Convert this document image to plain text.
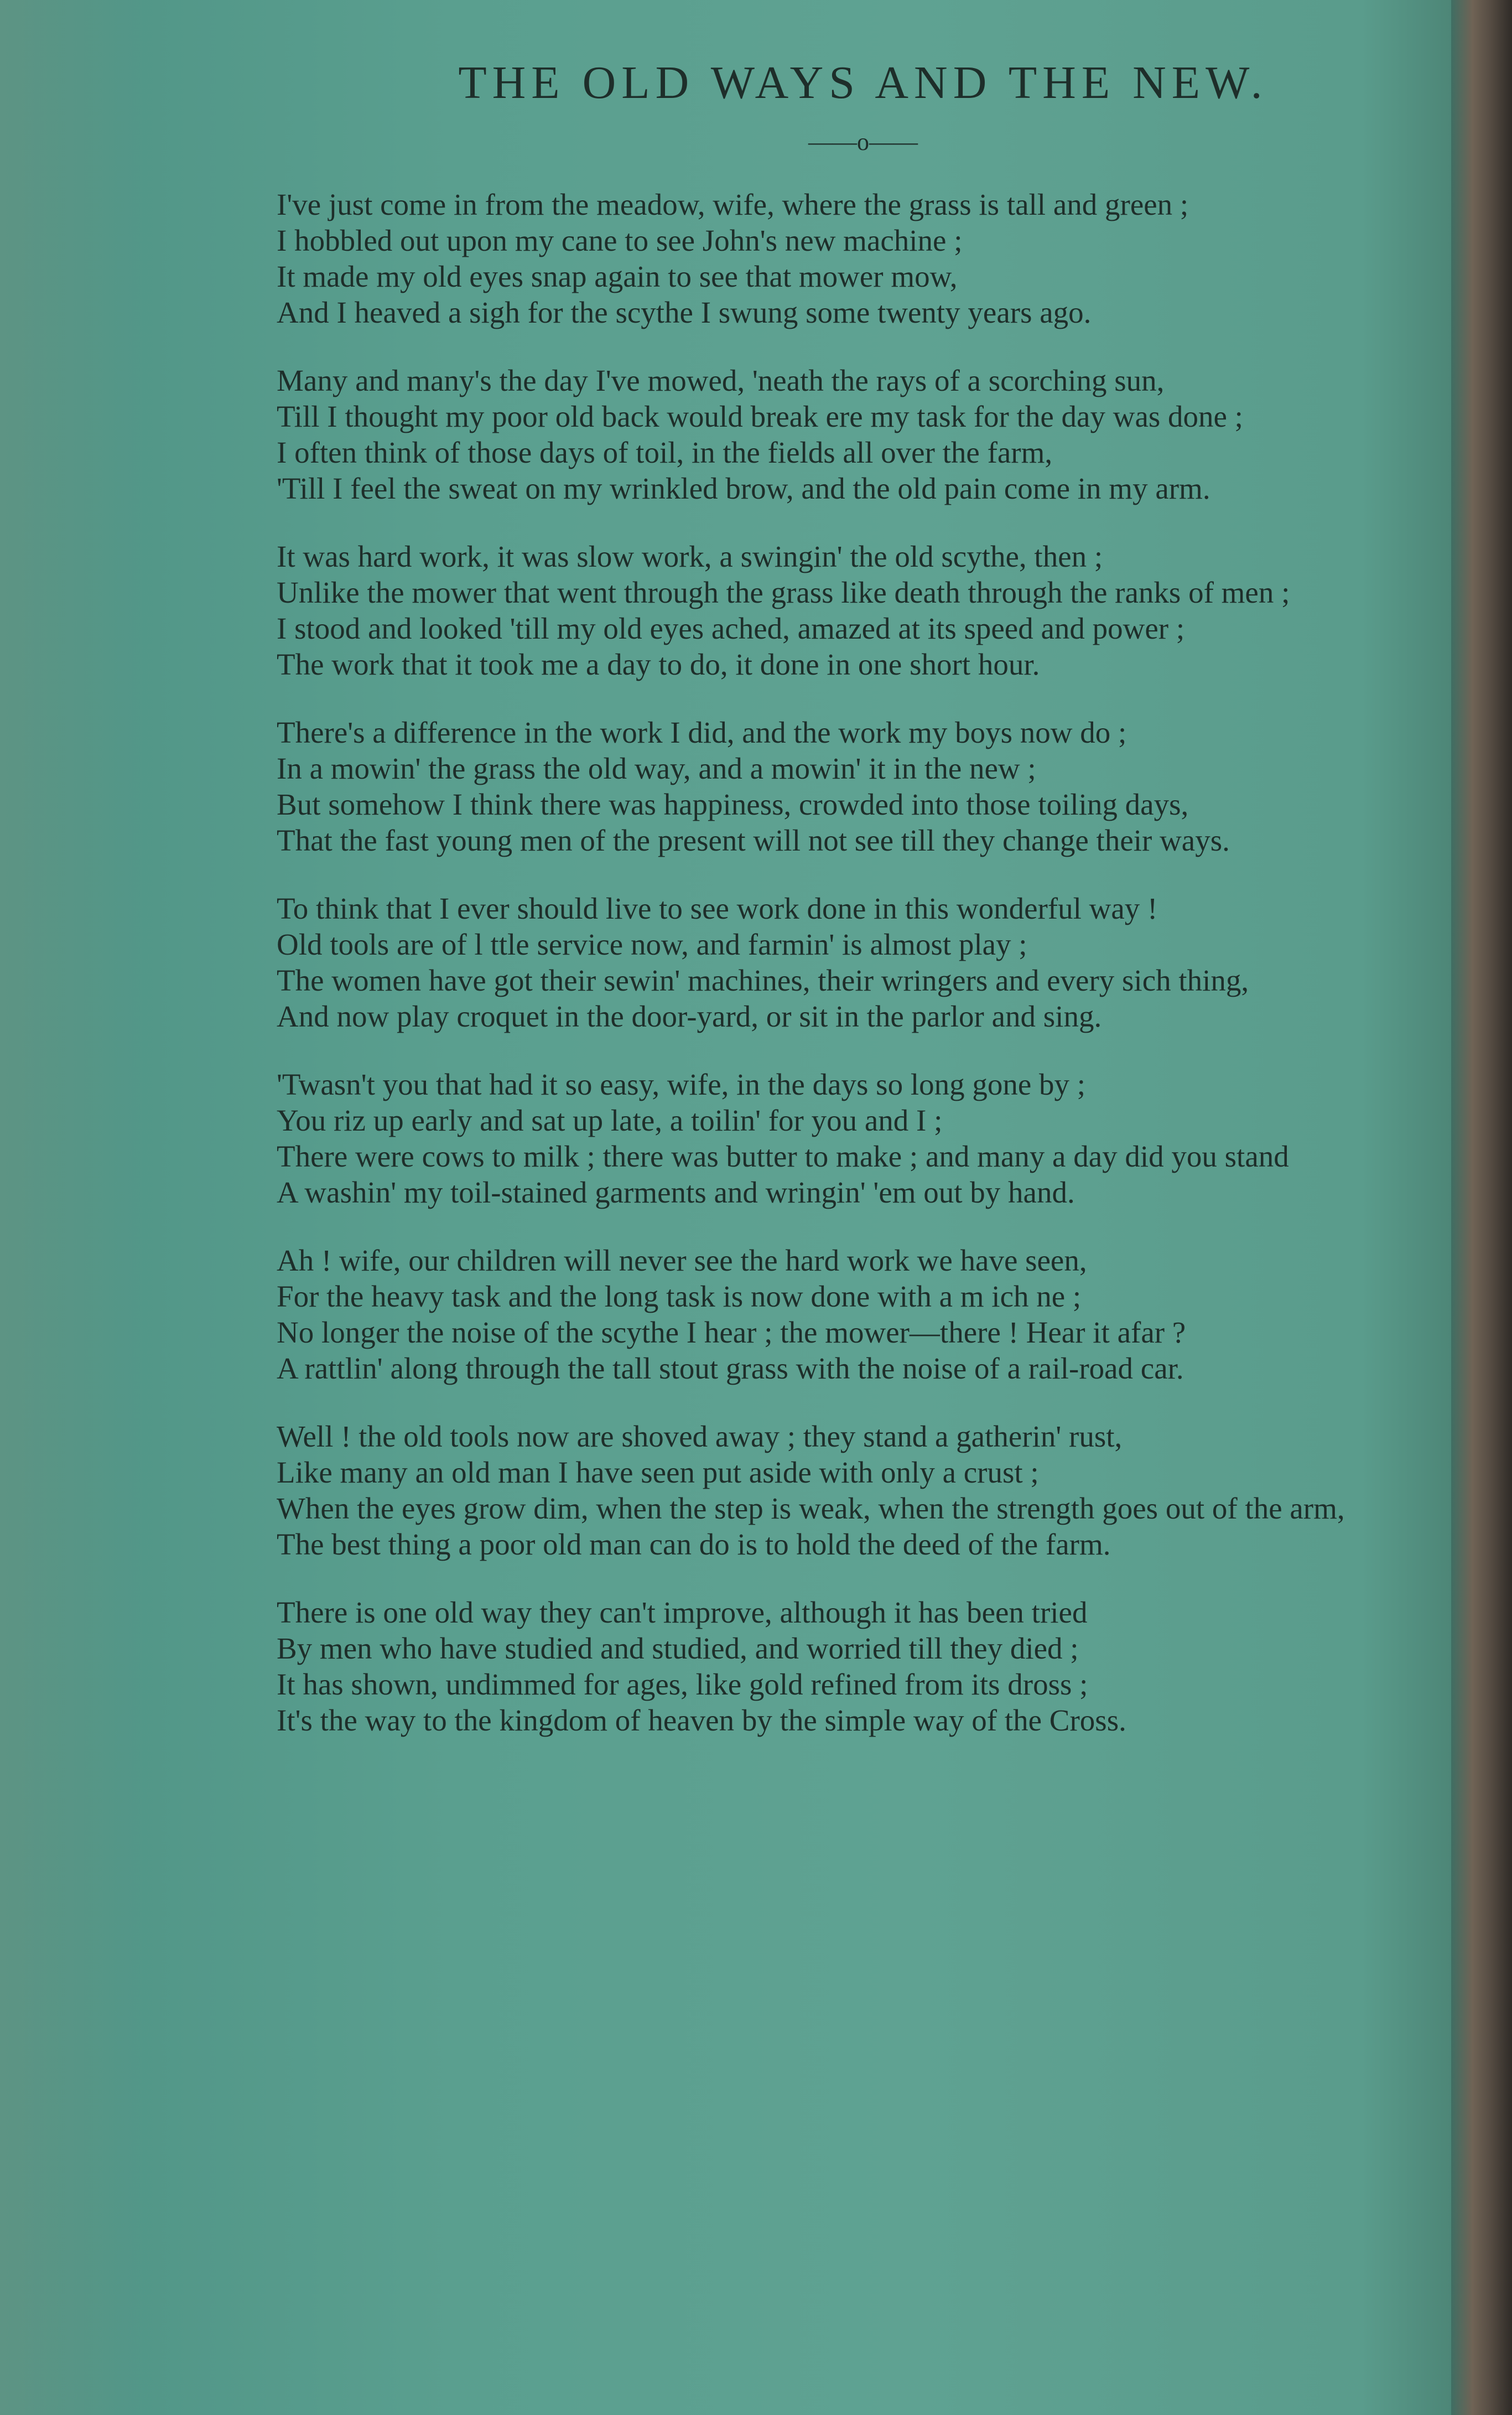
THE OLD WAYS AND THE NEW.
——o——
I've just come in from the meadow, wife, where the grass is tall and green ;
I hobbled out upon my cane to see John's new machine ;
It made my old eyes snap again to see that mower mow,
And I heaved a sigh for the scythe I swung some twenty years ago.
Many and many's the day I've mowed, 'neath the rays of a scorching sun,
Till I thought my poor old back would break ere my task for the day was done ;
I often think of those days of toil, in the fields all over the farm,
'Till I feel the sweat on my wrinkled brow, and the old pain come in my arm.
It was hard work, it was slow work, a swingin' the old scythe, then ;
Unlike the mower that went through the grass like death through the ranks of men ;
I stood and looked 'till my old eyes ached, amazed at its speed and power ;
The work that it took me a day to do, it done in one short hour.
There's a difference in the work I did, and the work my boys now do ;
In a mowin' the grass the old way, and a mowin' it in the new ;
But somehow I think there was happiness, crowded into those toiling days,
That the fast young men of the present will not see till they change their ways.
To think that I ever should live to see work done in this wonderful way !
Old tools are of l ttle service now, and farmin' is almost play ;
The women have got their sewin' machines, their wringers and every sich thing,
And now play croquet in the door-yard, or sit in the parlor and sing.
'Twasn't you that had it so easy, wife, in the days so long gone by ;
You riz up early and sat up late, a toilin' for you and I ;
There were cows to milk ; there was butter to make ; and many a day did you stand
A washin' my toil-stained garments and wringin' 'em out by hand.
Ah ! wife, our children will never see the hard work we have seen,
For the heavy task and the long task is now done with a m ich ne ;
No longer the noise of the scythe I hear ; the mower—there ! Hear it afar ?
A rattlin' along through the tall stout grass with the noise of a rail-road car.
Well ! the old tools now are shoved away ; they stand a gatherin' rust,
Like many an old man I have seen put aside with only a crust ;
When the eyes grow dim, when the step is weak, when the strength goes out of the arm,
The best thing a poor old man can do is to hold the deed of the farm.
There is one old way they can't improve, although it has been tried
By men who have studied and studied, and worried till they died ;
It has shown, undimmed for ages, like gold refined from its dross ;
It's the way to the kingdom of heaven by the simple way of the Cross.
